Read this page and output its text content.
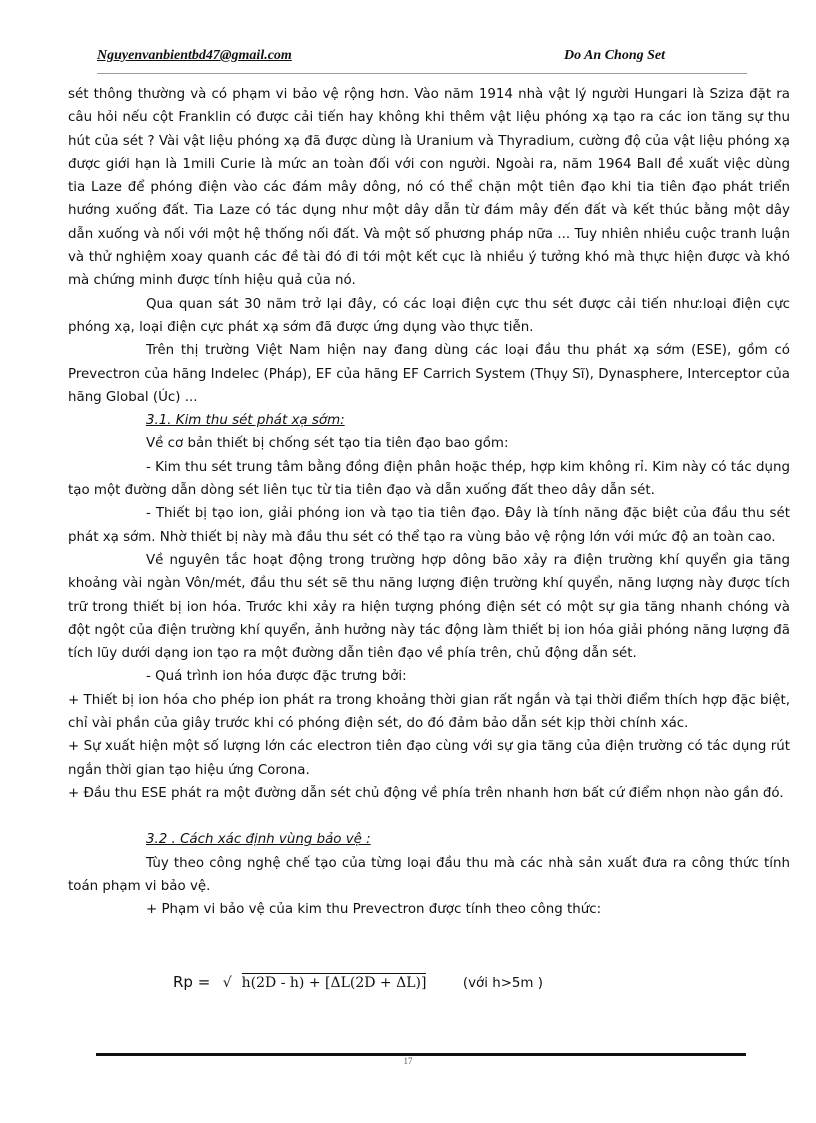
Nguyenvanbientbd47@gmail.com	Do An Chong Set

sét thông thường và có phạm vi bảo vệ rộng hơn. Vào năm 1914 nhà vật lý người Hungari là Sziza đặt ra câu hỏi nếu cột Franklin có được cải tiến hay không khi thêm vật liệu phóng xạ tạo ra các ion tăng sự thu hút của sét ? Vài vật liệu phóng xạ đã được dùng là Uranium và Thyradium, cường độ của vật liệu phóng xạ được giới hạn là 1mili Curie là mức an toàn đối với con người. Ngoài ra, năm 1964 Ball đề xuất việc dùng tia Laze để phóng điện vào các đám mây dông, nó có thể chặn một tiên đạo khi tia tiên đạo phát triển hướng xuống đất. Tia Laze có tác dụng như một dây dẫn từ đám mây đến đất và kết thúc bằng một dây dẫn xuống và nối với một hệ thống nối đất. Và một số phương pháp nữa ... Tuy nhiên nhiều cuộc tranh luận và thử nghiệm xoay quanh các đề tài đó đi tới một kết cục là nhiều ý tưởng khó mà thực hiện được và khó mà chứng minh được tính hiệu quả của nó.

Qua quan sát 30 năm trở lại đây, có các loại điện cực thu sét được cải tiến như:loại điện cực phóng xạ, loại điện cực phát xạ sớm đã được ứng dụng vào thực tiễn.

Trên thị trường Việt Nam hiện nay đang dùng các loại đầu thu phát xạ sớm (ESE), gồm có Prevectron của hãng Indelec (Pháp), EF của hãng EF Carrich System (Thụy Sĩ), Dynasphere, Interceptor của hãng Global (Úc) ...

3.1. Kim thu sét phát xạ sớm:

Về cơ bản thiết bị chống sét tạo tia tiên đạo bao gồm:

- Kim thu sét trung tâm bằng đồng điện phân hoặc thép, hợp kim không rỉ. Kim này có tác dụng tạo một đường dẫn dòng sét liên tục từ tia tiên đạo và dẫn xuống đất theo dây dẫn sét.

- Thiết bị tạo ion, giải phóng ion và tạo tia tiên đạo. Đây là tính năng đặc biệt của đầu thu sét phát xạ sớm. Nhờ thiết bị này mà đầu thu sét có thể tạo ra vùng bảo vệ rộng lớn với mức độ an toàn cao.

Về nguyên tắc hoạt động trong trường hợp dông bão xảy ra điện trường khí quyển gia tăng khoảng vài ngàn Vôn/mét, đầu thu sét sẽ thu năng lượng điện trường khí quyển, năng lượng này được tích trữ trong thiết bị ion hóa. Trước khi xảy ra hiện tượng phóng điện sét có một sự gia tăng nhanh chóng và đột ngột của điện trường khí quyển, ảnh hưởng này tác động làm thiết bị ion hóa giải phóng năng lượng đã tích lũy dưới dạng ion tạo ra một đường dẫn tiên đạo về phía trên, chủ động dẫn sét.

- Quá trình ion hóa được đặc trưng bởi:

+ Thiết bị ion hóa cho phép ion phát ra trong khoảng thời gian rất ngắn và tại thời điểm thích hợp đặc biệt, chỉ vài phần của giây trước khi có phóng điện sét, do đó đảm bảo dẫn sét kịp thời chính xác.

+ Sự xuất hiện một số lượng lớn các electron tiên đạo cùng với sự gia tăng của điện trường có tác dụng rút ngắn thời gian tạo hiệu ứng Corona.

+ Đầu thu ESE phát ra một đường dẫn sét chủ động về phía trên nhanh hơn bất cứ điểm nhọn nào gần đó.

3.2 . Cách xác định vùng bảo vệ :

Tùy theo công nghệ chế tạo của từng loại đầu thu mà các nhà sản xuất đưa ra công thức tính toán phạm vi bảo vệ.

+ Phạm vi bảo vệ của kim thu Prevectron được tính theo công thức:

Rp = √ h(2D - h) + [ΔL(2D + ΔL)]	(với h>5m )
17
